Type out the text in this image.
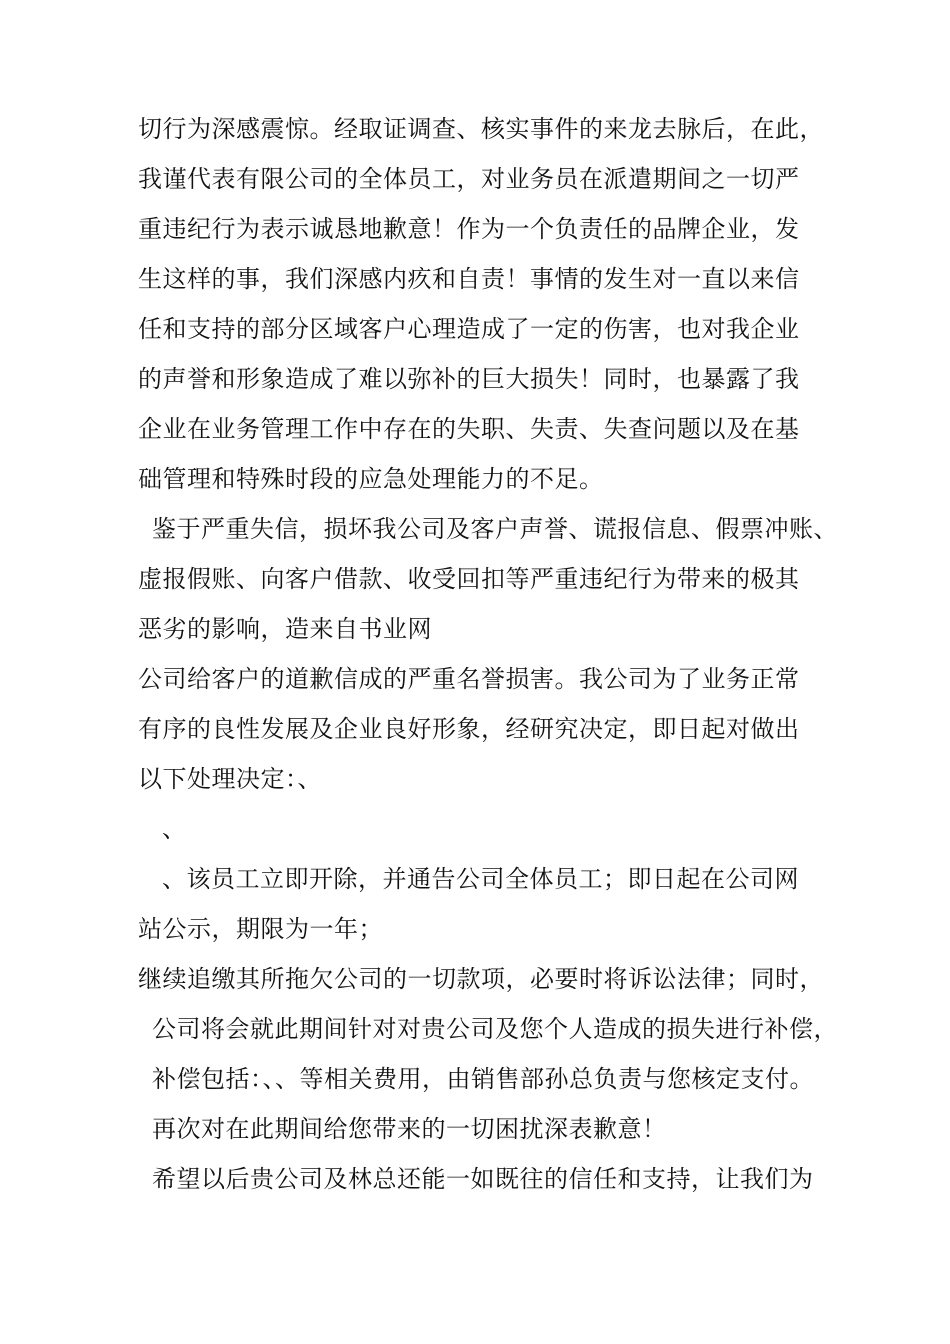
切行为深感震惊。经取证调查、核实事件的来龙去脉后，在此，
我谨代表有限公司的全体员工，对业务员在派遣期间之一切严
重违纪行为表示诚恳地歉意！作为一个负责任的品牌企业，发
生这样的事，我们深感内疚和自责！事情的发生对一直以来信
任和支持的部分区域客户心理造成了一定的伤害，也对我企业
的声誉和形象造成了难以弥补的巨大损失！同时，也暴露了我
企业在业务管理工作中存在的失职、失责、失查问题以及在基
础管理和特殊时段的应急处理能力的不足。
鉴于严重失信，损坏我公司及客户声誉、谎报信息、假票冲账、
虚报假账、向客户借款、收受回扣等严重违纪行为带来的极其
恶劣的影响，造来自书业网
公司给客户的道歉信成的严重名誉损害。我公司为了业务正常
有序的良性发展及企业良好形象，经研究决定，即日起对做出
以下处理决定：、
、
、该员工立即开除，并通告公司全体员工；即日起在公司网
站公示，期限为一年；
继续追缴其所拖欠公司的一切款项，必要时将诉讼法律；同时，
公司将会就此期间针对对贵公司及您个人造成的损失进行补偿，
补偿包括：、、等相关费用，由销售部孙总负责与您核定支付。
再次对在此期间给您带来的一切困扰深表歉意！
希望以后贵公司及林总还能一如既往的信任和支持，让我们为
